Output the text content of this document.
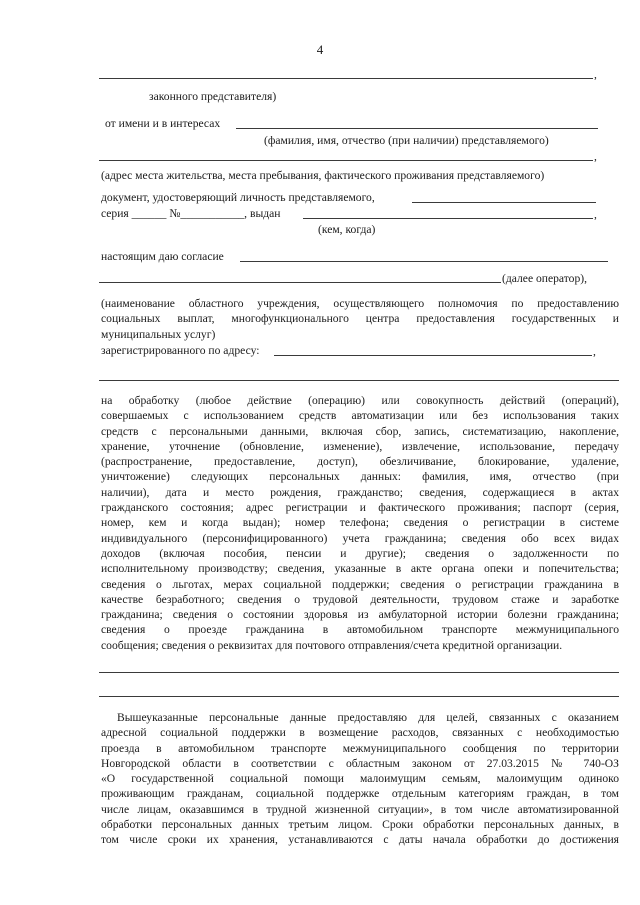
4
,
законного представителя)
от имени и в интересах
(фамилия, имя, отчество (при наличии) представляемого)
,
(адрес места жительства, места пребывания, фактического проживания представляемого)
документ, удостоверяющий личность представляемого,
серия ______ №___________, выдан	,
(кем, когда)
настоящим даю согласие
(далее оператор),
(наименование областного учреждения, осуществляющего полномочия по предоставлению
социальных выплат, многофункционального центра предоставления государственных и
муниципальных услуг)
зарегистрированного по адресу:	,
на обработку (любое действие (операцию) или совокупность действий (операций),
совершаемых с использованием средств автоматизации или без использования таких
средств с персональными данными, включая сбор, запись, систематизацию, накопление,
хранение, уточнение (обновление, изменение), извлечение, использование, передачу
(распространение, предоставление, доступ), обезличивание, блокирование, удаление,
уничтожение) следующих персональных данных: фамилия, имя, отчество (при
наличии), дата и место рождения, гражданство; сведения, содержащиеся в актах
гражданского состояния; адрес регистрации и фактического проживания; паспорт (серия,
номер, кем и когда выдан); номер телефона; сведения о регистрации в системе
индивидуального (персонифицированного) учета гражданина; сведения обо всех видах
доходов (включая пособия, пенсии и другие); сведения о задолженности по
исполнительному производству; сведения, указанные в акте органа опеки и попечительства;
сведения о льготах, мерах социальной поддержки; сведения о регистрации гражданина в
качестве безработного; сведения о трудовой деятельности, трудовом стаже и заработке
гражданина; сведения о состоянии здоровья из амбулаторной истории болезни гражданина;
сведения о проезде гражданина в автомобильном транспорте межмуниципального
сообщения; сведения о реквизитах для почтового отправления/счета кредитной организации.
Вышеуказанные персональные данные предоставляю для целей, связанных с оказанием
адресной социальной поддержки в возмещение расходов, связанных с необходимостью
проезда в автомобильном транспорте межмуниципального сообщения по территории
Новгородской области в соответствии с областным законом от 27.03.2015 № 740-ОЗ
«О государственной социальной помощи малоимущим семьям, малоимущим одиноко
проживающим гражданам, социальной поддержке отдельным категориям граждан, в том
числе лицам, оказавшимся в трудной жизненной ситуации», в том числе автоматизированной
обработки персональных данных третьим лицом. Сроки обработки персональных данных, в
том числе сроки их хранения, устанавливаются с даты начала обработки до достижения
